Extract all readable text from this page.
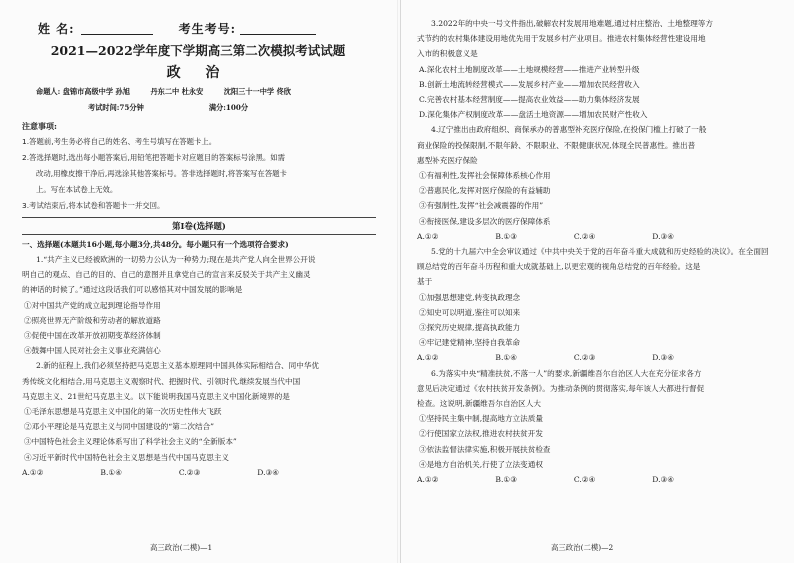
姓 名:	考生考号:
2021—2022学年度下学期高三第二次模拟考试试题
政 治
命题人: 盘锦市高级中学 孙旭	丹东二中 杜永安	沈阳三十一中学 佟欣
考试时间:75分钟	满分:100分
注意事项:
1.答题前,考生务必将自己的姓名、考生号填写在答题卡上。
2.答选择题时,选出每小题答案后,用铅笔把答题卡对应题目的答案标号涂黑。如需
改动,用橡皮擦干净后,再选涂其他答案标号。答非选择题时,将答案写在答题卡
上。写在本试卷上无效。
3.考试结束后,将本试卷和答题卡一并交回。
第Ⅰ卷(选择题)
一、选择题(本题共16小题,每小题3分,共48分。每小题只有一个选项符合要求)
1.“共产主义已经被欧洲的一切势力公认为一种势力;现在是共产党人向全世界公开说
明自己的观点、自己的目的、自己的意图并且拿党自己的宣言来反驳关于共产主义幽灵
的神话的时候了。”通过这段话我们可以感悟其对中国发展的影响是
①对中国共产党的成立起到理论指导作用
②照亮世界无产阶级和劳动者的解放道路
③促使中国在改革开放初期变革经济体制
④鼓舞中国人民对社会主义事业充满信心
2.新的征程上,我们必须坚持把马克思主义基本原理同中国具体实际相结合、同中华优
秀传统文化相结合,用马克思主义观察时代、把握时代、引领时代,继续发展当代中国
马克思主义、21世纪马克思主义。以下能说明我国马克思主义中国化新境界的是
①毛泽东思想是马克思主义中国化的第一次历史性伟大飞跃
②邓小平理论是马克思主义与同中国建设的“第二次结合”
③中国特色社会主义理论体系写出了科学社会主义的“全新版本”
④习近平新时代中国特色社会主义思想是当代中国马克思主义
A.①②	B.①④	C.②③	D.③④
高三政治(二模)—1
3.2022年的中央一号文件指出,破解农村发展用地难题,通过村庄整治、土地整理等方
式节约的农村集体建设用地优先用于发展乡村产业项目。推进农村集体经营性建设用地
入市的积极意义是
A.深化农村土地制度改革——土地规模经营——推进产业转型升级
B.创新土地流转经营模式——发展乡村产业——增加农民经营收入
C.完善农村基本经营制度——提高农业效益——助力集体经济发展
D.深化集体产权制度改革——盘活土地资源——增加农民财产性收入
4.辽宁推出由政府组织、商保承办的普惠型补充医疗保险,在投保门槛上打破了一般
商业保险的投保限制,不限年龄、不限职业、不限健康状况,体现全民普惠性。推出普
惠型补充医疗保险
①有福利性,发挥社会保障体系核心作用
②普惠民化,发挥对医疗保险的有益辅助
③有强制性,发挥“社会减震器的作用”
④衔接医保,建设多层次的医疗保障体系
A.①②	B.①③	C.②④	D.③④
5.党的十九届六中全会审议通过《中共中央关于党的百年奋斗重大成就和历史经验的决议》。在全面回
顾总结党的百年奋斗历程和重大成就基础上,以更宏观的视角总结党的百年经验。这是
基于
①加强思想建党,转变执政理念
②知史可以明道,鉴往可以知来
③探究历史规律,提高执政能力
④牢记建党精神,坚持自我革命
A.①②	B.①④	C.②③	D.③④
6.为落实中央“精准扶贫,不落一人”的要求,新疆维吾尔自治区人大在充分征求各方
意见后决定通过《农村扶贫开发条例》。为推动条例的贯彻落实,每年该人大都进行督促
检查。这说明,新疆维吾尔自治区人大
①坚持民主集中制,提高地方立法质量
②行使国家立法权,推进农村扶贫开发
③依法监督法律实施,积极开展扶贫检查
④是地方自治机关,行使了立法变通权
A.①②	B.①③	C.②④	D.③④
高三政治(二模)—2
